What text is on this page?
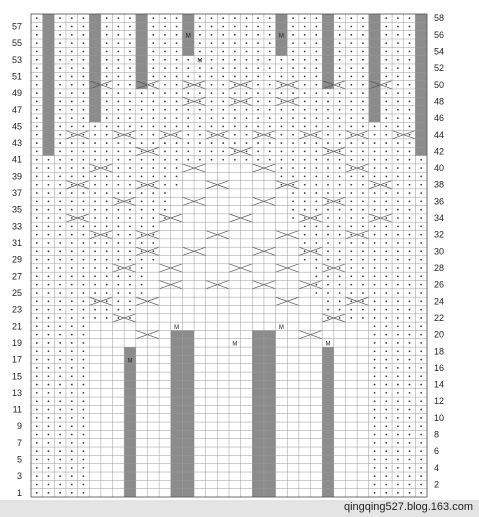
M
M	M
M
M
M	M
M
57
55
53
51
49
47
45
43
41
39
37
35
33
31
29
27
25
23
21
19
17
15
13
11
9
7
5
3
1
58
56
54
52
50
48
46
44
42
40
38
36
34
32
30
28
26
24
22
20
18
16
14
12
10
8
6
4
2
qingqing527.blog.163.com
